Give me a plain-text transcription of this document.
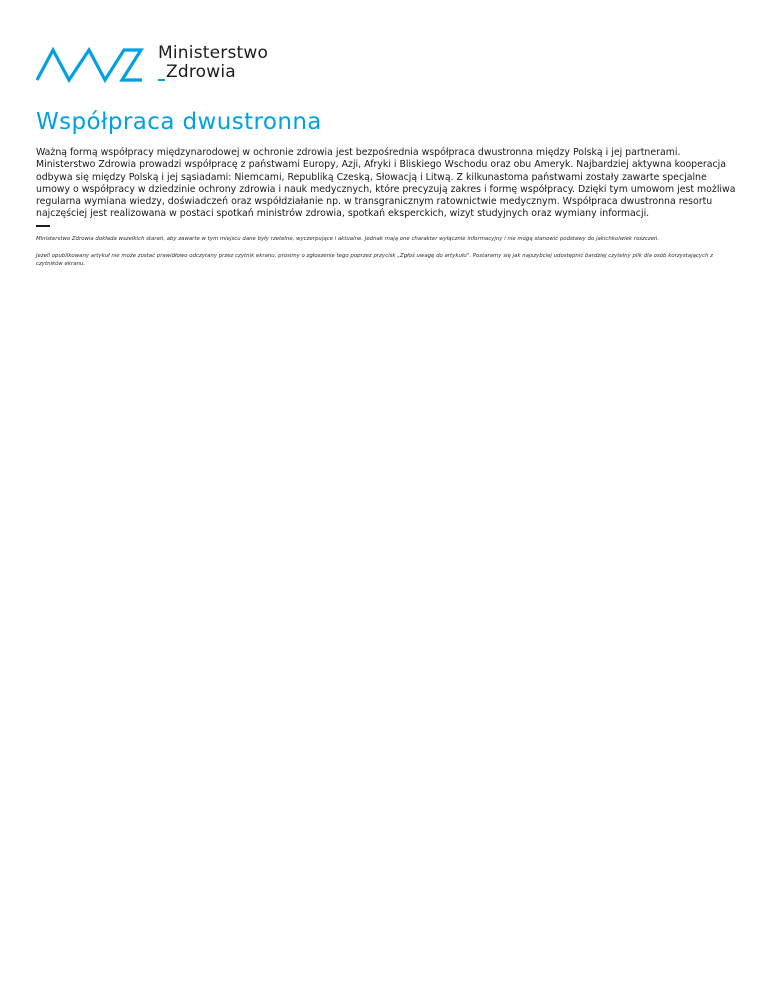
Ministerstwo
Zdrowia
Współpraca dwustronna

Ważną formą współpracy międzynarodowej w ochronie zdrowia jest bezpośrednia współpraca dwustronna między Polską i jej partnerami. Ministerstwo Zdrowia prowadzi współpracę z państwami Europy, Azji, Afryki i Bliskiego Wschodu oraz obu Ameryk. Najbardziej aktywna kooperacja odbywa się między Polską i jej sąsiadami: Niemcami, Republiką Czeską, Słowacją i Litwą. Z kilkunastoma państwami zostały zawarte specjalne umowy o współpracy w dziedzinie ochrony zdrowia i nauk medycznych, które precyzują zakres i formę współpracy. Dzięki tym umowom jest możliwa regularna wymiana wiedzy, doświadczeń oraz współdziałanie np. w transgranicznym ratownictwie medycznym. Współpraca dwustronna resortu najczęściej jest realizowana w postaci spotkań ministrów zdrowia, spotkań eksperckich, wizyt studyjnych oraz wymiany informacji.

Ministerstwo Zdrowia dokłada wszelkich starań, aby zawarte w tym miejscu dane były rzetelne, wyczerpujące i aktualne. Jednak mają one charakter wyłącznie informacyjny i nie mogą stanowić podstawy do jakichkolwiek roszczeń.

Jeżeli opublikowany artykuł nie może zostać prawidłowo odczytany przez czytnik ekranu, prosimy o zgłoszenie tego poprzez przycisk „Zgłoś uwagę do artykułu". Postaramy się jak najszybciej udostępnić bardziej czytelny plik dla osób korzystających z czytników ekranu.
